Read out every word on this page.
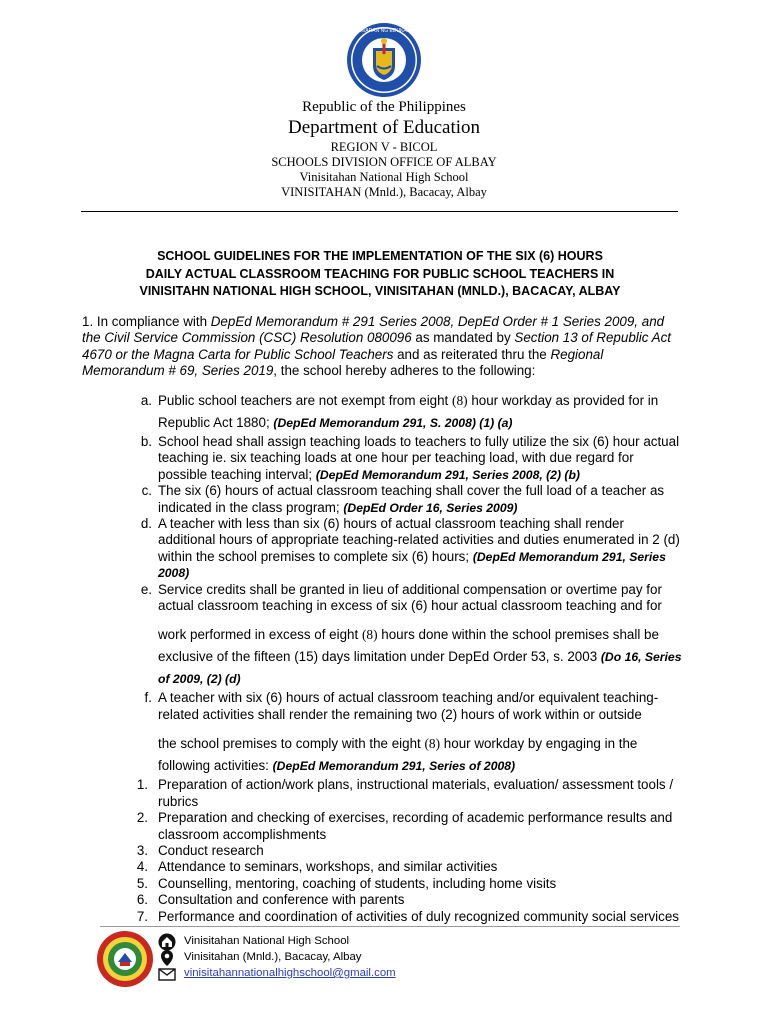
KAGAWARAN NG EDUKASYON
Republic of the Philippines
Department of Education
REGION V - BICOL
SCHOOLS DIVISION OFFICE OF ALBAY
Vinisitahan National High School
VINISITAHAN (Mnld.), Bacacay, Albay
SCHOOL GUIDELINES FOR THE IMPLEMENTATION OF THE SIX (6) HOURS
DAILY ACTUAL CLASSROOM TEACHING FOR PUBLIC SCHOOL TEACHERS IN
VINISITAHN NATIONAL HIGH SCHOOL, VINISITAHAN (MNLD.), BACACAY, ALBAY
1. In compliance with DepEd Memorandum # 291 Series 2008, DepEd Order # 1 Series 2009, and the Civil Service Commission (CSC) Resolution 080096 as mandated by Section 13 of Republic Act 4670 or the Magna Carta for Public School Teachers and as reiterated thru the Regional Memorandum # 69, Series 2019, the school hereby adheres to the following:
a. Public school teachers are not exempt from eight (8) hour workday as provided for in Republic Act 1880; (DepEd Memorandum 291, S. 2008) (1) (a)
b. School head shall assign teaching loads to teachers to fully utilize the six (6) hour actual teaching ie. six teaching loads at one hour per teaching load, with due regard for possible teaching interval; (DepEd Memorandum 291, Series 2008, (2) (b)
c. The six (6) hours of actual classroom teaching shall cover the full load of a teacher as indicated in the class program; (DepEd Order 16, Series 2009)
d. A teacher with less than six (6) hours of actual classroom teaching shall render additional hours of appropriate teaching-related activities and duties enumerated in 2 (d) within the school premises to complete six (6) hours; (DepEd Memorandum 291, Series 2008)
e. Service credits shall be granted in lieu of additional compensation or overtime pay for actual classroom teaching in excess of six (6) hour actual classroom teaching and for
work performed in excess of eight (8) hours done within the school premises shall be exclusive of the fifteen (15) days limitation under DepEd Order 53, s. 2003 (Do 16, Series of 2009, (2) (d)
f. A teacher with six (6) hours of actual classroom teaching and/or equivalent teaching-related activities shall render the remaining two (2) hours of work within or outside
the school premises to comply with the eight (8) hour workday by engaging in the following activities: (DepEd Memorandum 291, Series of 2008)
1. Preparation of action/work plans, instructional materials, evaluation/ assessment tools / rubrics
2. Preparation and checking of exercises, recording of academic performance results and classroom accomplishments
3. Conduct research
4. Attendance to seminars, workshops, and similar activities
5. Counselling, mentoring, coaching of students, including home visits
6. Consultation and conference with parents
7. Performance and coordination of activities of duly recognized community social services
Vinisitahan National High School
Vinisitahan (Mnld.), Bacacay, Albay
vinisitahannationalhighschool@gmail.com
